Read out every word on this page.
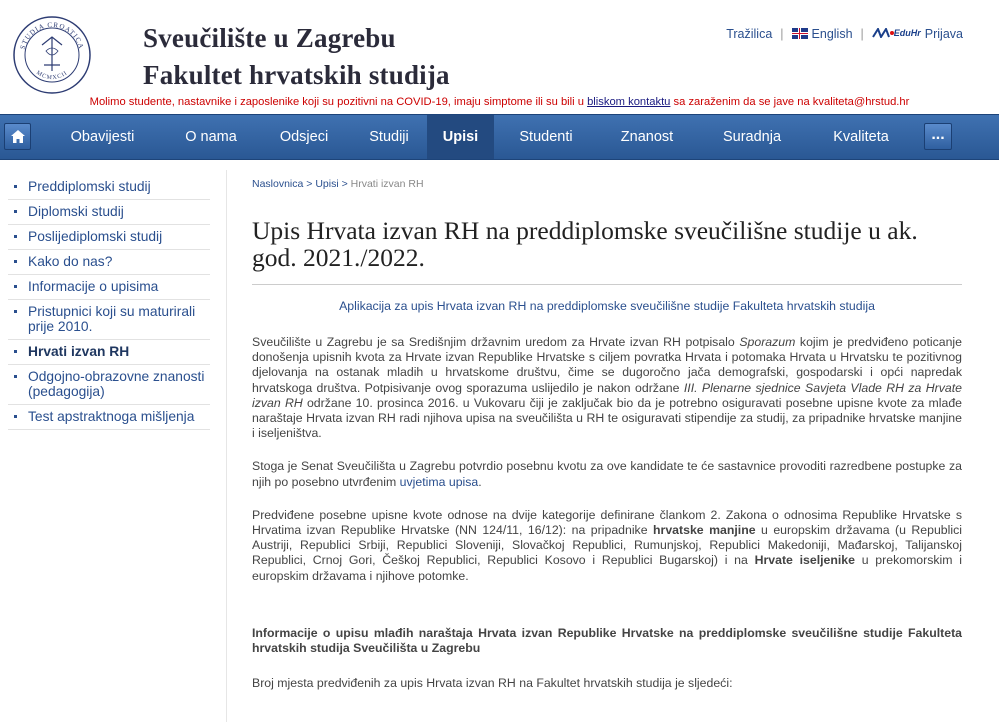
STUDIA CROATICA
MCMXCII
Sveučilište u Zagrebu
Fakultet hrvatskih studija
Tražilica |	English |	EduHr Prijava
Molimo studente, nastavnike i zaposlenike koji su pozitivni na COVID-19, imaju simptome ili su bili u bliskom kontaktu sa zaraženim da se jave na kvaliteta@hrstud.hr
Obavijesti	O nama	Odsjeci	Studiji	Upisi	Studenti	Znanost	Suradnja	Kvaliteta	...
Preddiplomski studij
Diplomski studij
Poslijediplomski studij
Kako do nas?
Informacije o upisima
Pristupnici koji su maturirali prije 2010.
Hrvati izvan RH
Odgojno-obrazovne znanosti (pedagogija)
Test apstraktnoga mišljenja
Naslovnica > Upisi > Hrvati izvan RH
Upis Hrvata izvan RH na preddiplomske sveučilišne studije u ak. god. 2021./2022.
Aplikacija za upis Hrvata izvan RH na preddiplomske sveučilišne studije Fakulteta hrvatskih studija

Sveučilište u Zagrebu je sa Središnjim državnim uredom za Hrvate izvan RH potpisalo Sporazum kojim je predviđeno poticanje donošenja upisnih kvota za Hrvate izvan Republike Hrvatske s ciljem povratka Hrvata i potomaka Hrvata u Hrvatsku te pozitivnog djelovanja na ostanak mladih u hrvatskome društvu, čime se dugoročno jača demografski, gospodarski i opći napredak hrvatskoga društva. Potpisivanje ovog sporazuma uslijedilo je nakon održane III. Plenarne sjednice Savjeta Vlade RH za Hrvate izvan RH održane 10. prosinca 2016. u Vukovaru čiji je zaključak bio da je potrebno osiguravati posebne upisne kvote za mlađe naraštaje Hrvata izvan RH radi njihova upisa na sveučilišta u RH te osiguravati stipendije za studij, za pripadnike hrvatske manjine i iseljeništva.

Stoga je Senat Sveučilišta u Zagrebu potvrdio posebnu kvotu za ove kandidate te će sastavnice provoditi razredbene postupke za njih po posebno utvrđenim uvjetima upisa.

Predviđene posebne upisne kvote odnose na dvije kategorije definirane člankom 2. Zakona o odnosima Republike Hrvatske s Hrvatima izvan Republike Hrvatske (NN 124/11, 16/12): na pripadnike hrvatske manjine u europskim državama (u Republici Austriji, Republici Srbiji, Republici Sloveniji, Slovačkoj Republici, Rumunjskoj, Republici Makedoniji, Mađarskoj, Talijanskoj Republici, Crnoj Gori, Češkoj Republici, Republici Kosovo i Republici Bugarskoj) i na Hrvate iseljenike u prekomorskim i europskim državama i njihove potomke.

Informacije o upisu mlađih naraštaja Hrvata izvan Republike Hrvatske na preddiplomske sveučilišne studije Fakulteta hrvatskih studija Sveučilišta u Zagrebu

Broj mjesta predviđenih za upis Hrvata izvan RH na Fakultet hrvatskih studija je sljedeći:
